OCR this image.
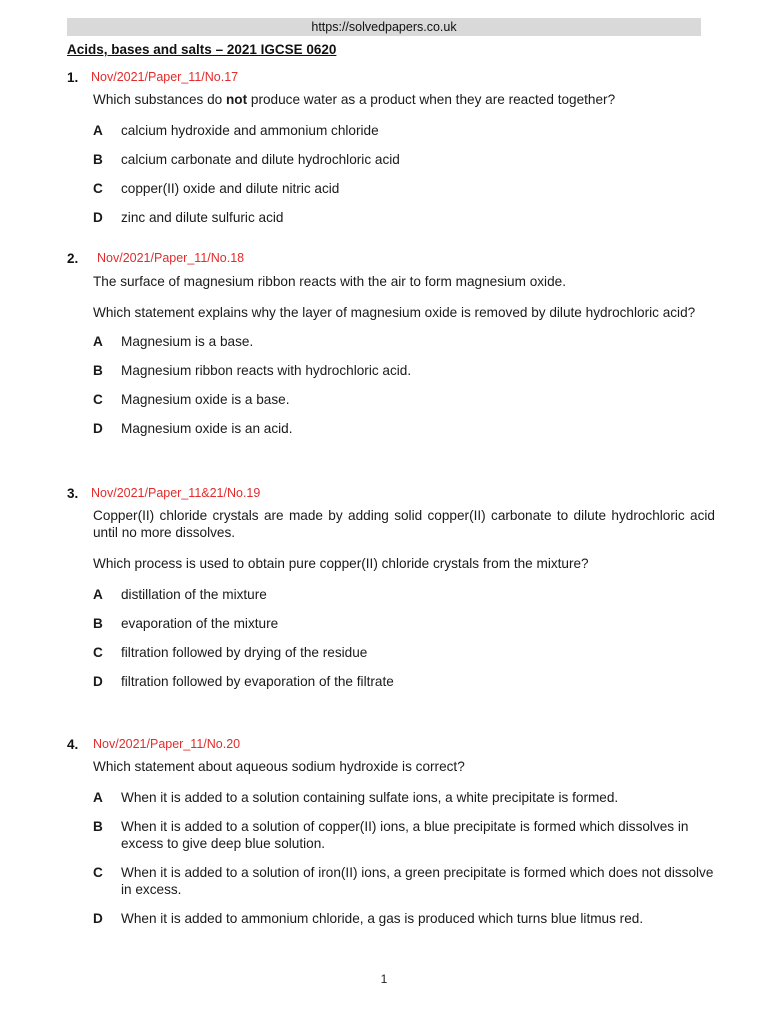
https://solvedpapers.co.uk
Acids, bases and salts – 2021 IGCSE 0620
1. Nov/2021/Paper_11/No.17
Which substances do not produce water as a product when they are reacted together?
A calcium hydroxide and ammonium chloride
B calcium carbonate and dilute hydrochloric acid
C copper(II) oxide and dilute nitric acid
D zinc and dilute sulfuric acid
2. Nov/2021/Paper_11/No.18
The surface of magnesium ribbon reacts with the air to form magnesium oxide.
Which statement explains why the layer of magnesium oxide is removed by dilute hydrochloric acid?
A Magnesium is a base.
B Magnesium ribbon reacts with hydrochloric acid.
C Magnesium oxide is a base.
D Magnesium oxide is an acid.
3. Nov/2021/Paper_11&21/No.19
Copper(II) chloride crystals are made by adding solid copper(II) carbonate to dilute hydrochloric acid until no more dissolves.
Which process is used to obtain pure copper(II) chloride crystals from the mixture?
A distillation of the mixture
B evaporation of the mixture
C filtration followed by drying of the residue
D filtration followed by evaporation of the filtrate
4. Nov/2021/Paper_11/No.20
Which statement about aqueous sodium hydroxide is correct?
A When it is added to a solution containing sulfate ions, a white precipitate is formed.
B When it is added to a solution of copper(II) ions, a blue precipitate is formed which dissolves in excess to give deep blue solution.
C When it is added to a solution of iron(II) ions, a green precipitate is formed which does not dissolve in excess.
D When it is added to ammonium chloride, a gas is produced which turns blue litmus red.
1
